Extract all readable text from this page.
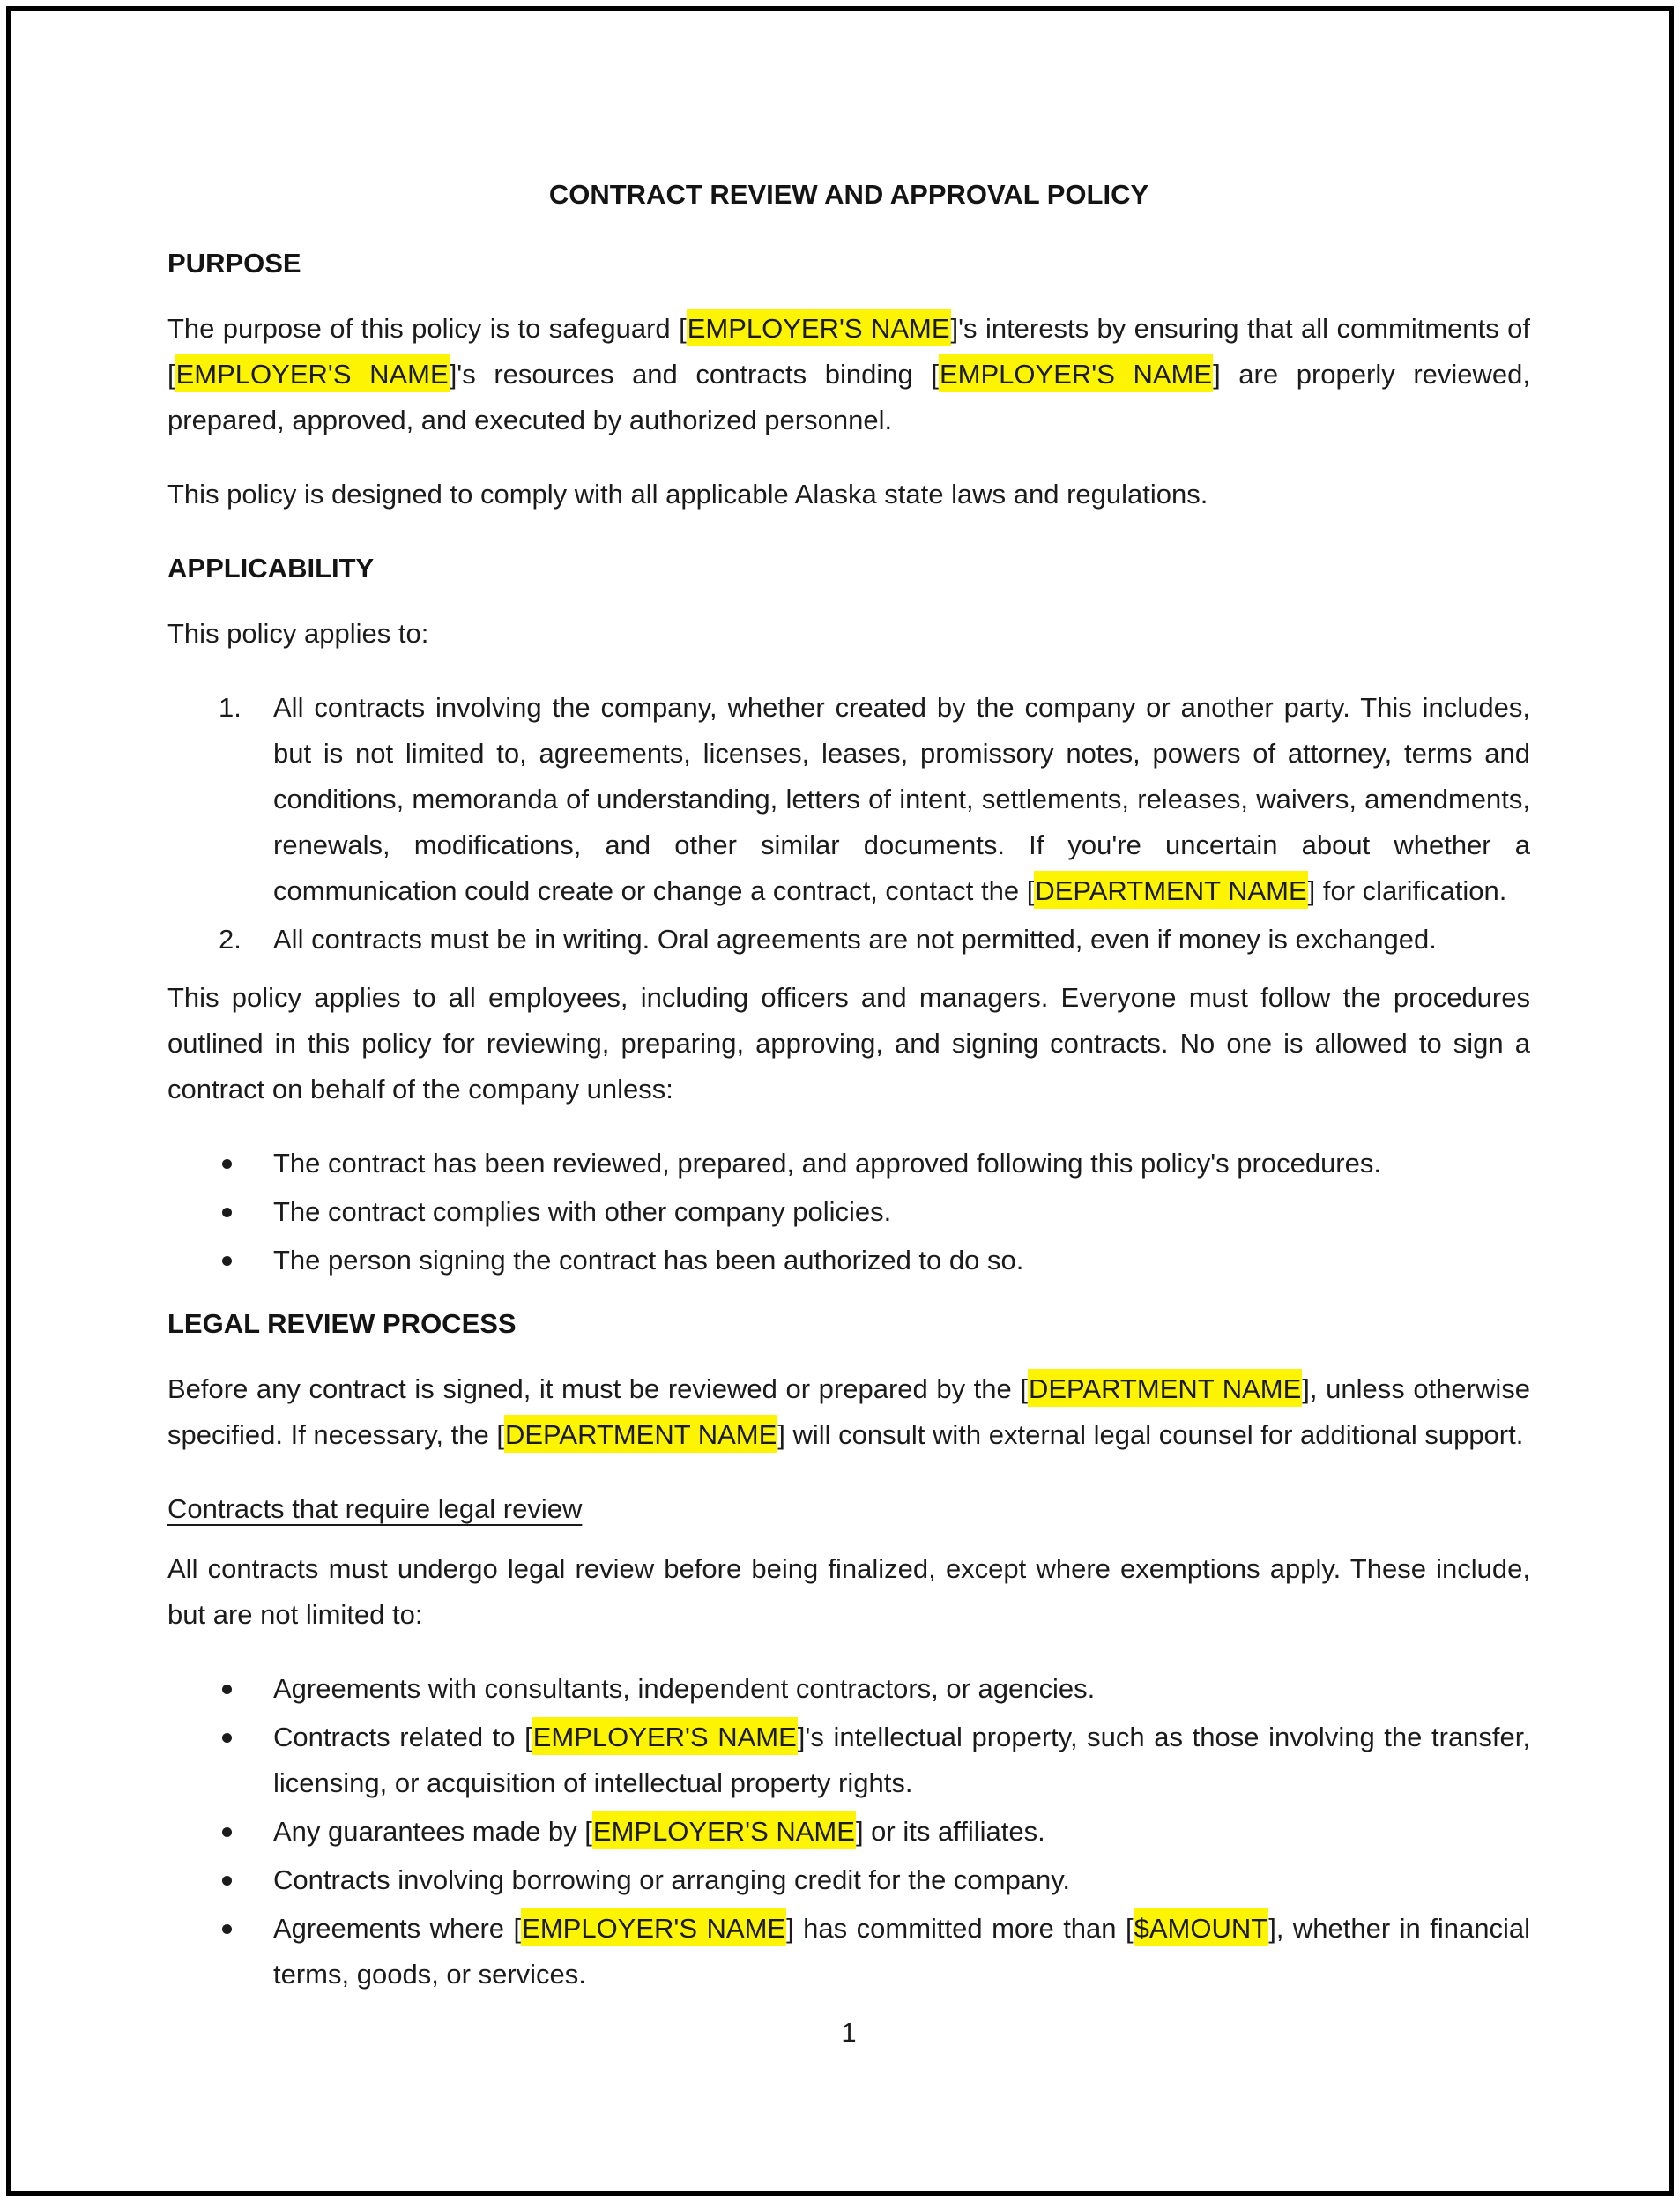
CONTRACT REVIEW AND APPROVAL POLICY
PURPOSE

The purpose of this policy is to safeguard [EMPLOYER'S NAME]'s interests by ensuring that all commitments of [EMPLOYER'S NAME]'s resources and contracts binding [EMPLOYER'S NAME] are properly reviewed, prepared, approved, and executed by authorized personnel.

This policy is designed to comply with all applicable Alaska state laws and regulations.

APPLICABILITY

This policy applies to:

1. All contracts involving the company, whether created by the company or another party. This includes, but is not limited to, agreements, licenses, leases, promissory notes, powers of attorney, terms and conditions, memoranda of understanding, letters of intent, settlements, releases, waivers, amendments, renewals, modifications, and other similar documents. If you're uncertain about whether a communication could create or change a contract, contact the [DEPARTMENT NAME] for clarification.
2. All contracts must be in writing. Oral agreements are not permitted, even if money is exchanged.

This policy applies to all employees, including officers and managers. Everyone must follow the procedures outlined in this policy for reviewing, preparing, approving, and signing contracts. No one is allowed to sign a contract on behalf of the company unless:

The contract has been reviewed, prepared, and approved following this policy's procedures.
The contract complies with other company policies.
The person signing the contract has been authorized to do so.
LEGAL REVIEW PROCESS

Before any contract is signed, it must be reviewed or prepared by the [DEPARTMENT NAME], unless otherwise specified. If necessary, the [DEPARTMENT NAME] will consult with external legal counsel for additional support.

Contracts that require legal review

All contracts must undergo legal review before being finalized, except where exemptions apply. These include, but are not limited to:

Agreements with consultants, independent contractors, or agencies.
Contracts related to [EMPLOYER'S NAME]'s intellectual property, such as those involving the transfer, licensing, or acquisition of intellectual property rights.
Any guarantees made by [EMPLOYER'S NAME] or its affiliates.
Contracts involving borrowing or arranging credit for the company.
Agreements where [EMPLOYER'S NAME] has committed more than [$AMOUNT], whether in financial terms, goods, or services.
1
